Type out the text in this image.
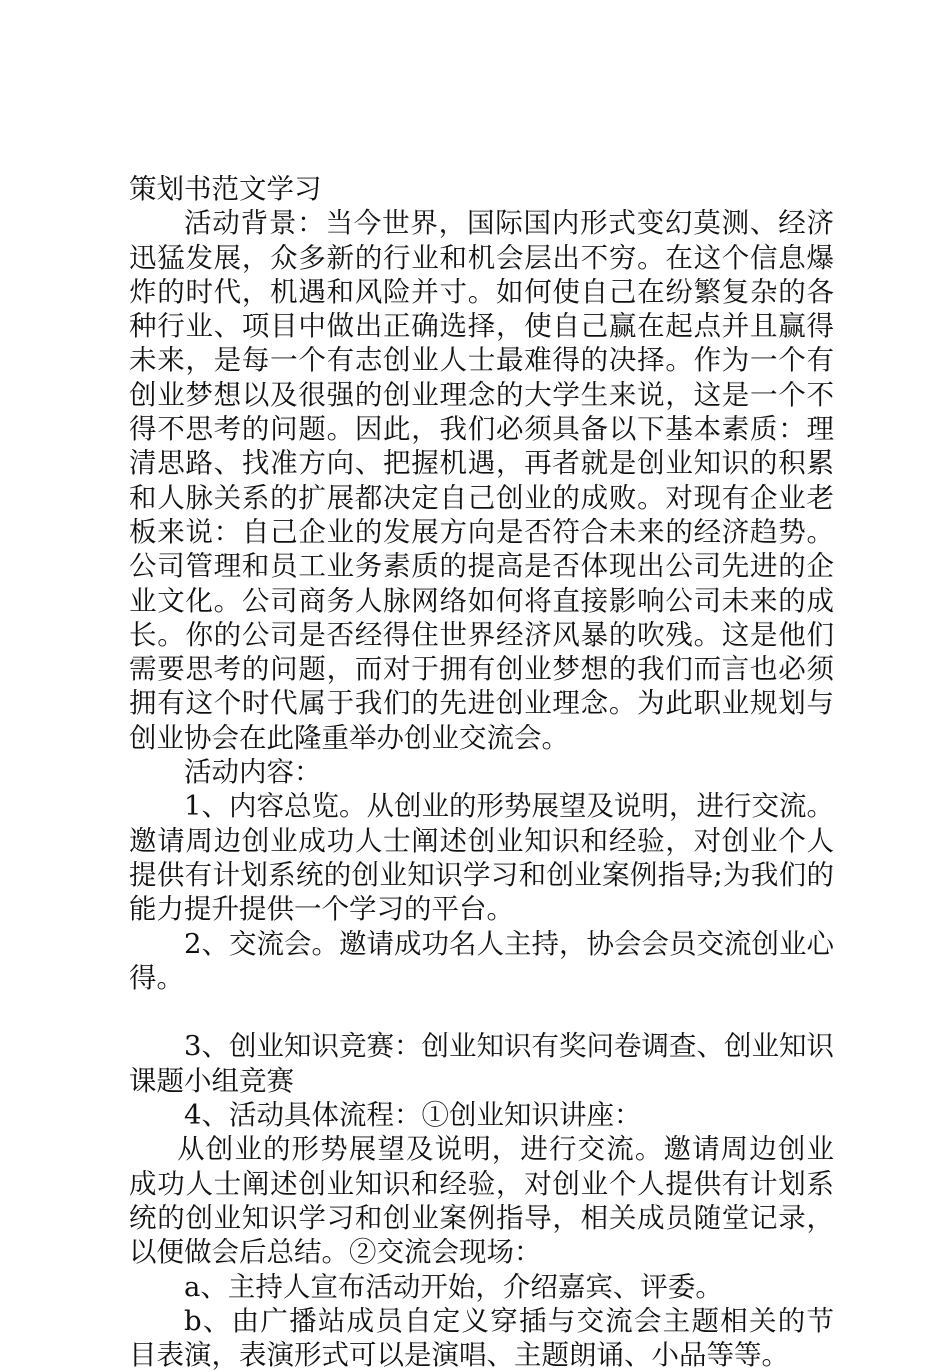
策划书范文学习

活动背景：当今世界，国际国内形式变幻莫测、经济迅猛发展，众多新的行业和机会层出不穷。在这个信息爆炸的时代，机遇和风险并寸。如何使自己在纷繁复杂的各种行业、项目中做出正确选择，使自己赢在起点并且赢得未来，是每一个有志创业人士最难得的决择。作为一个有创业梦想以及很强的创业理念的大学生来说，这是一个不得不思考的问题。因此，我们必须具备以下基本素质：理清思路、找准方向、把握机遇，再者就是创业知识的积累和人脉关系的扩展都决定自己创业的成败。对现有企业老板来说：自己企业的发展方向是否符合未来的经济趋势。公司管理和员工业务素质的提高是否体现出公司先进的企业文化。公司商务人脉网络如何将直接影响公司未来的成长。你的公司是否经得住世界经济风暴的吹残。这是他们需要思考的问题，而对于拥有创业梦想的我们而言也必须拥有这个时代属于我们的先进创业理念。为此职业规划与创业协会在此隆重举办创业交流会。

活动内容：

1、内容总览。从创业的形势展望及说明，进行交流。邀请周边创业成功人士阐述创业知识和经验，对创业个人提供有计划系统的创业知识学习和创业案例指导;为我们的能力提升提供一个学习的平台。

2、交流会。邀请成功名人主持，协会会员交流创业心得。

3、创业知识竞赛：创业知识有奖问卷调查、创业知识课题小组竞赛

4、活动具体流程：①创业知识讲座：

从创业的形势展望及说明，进行交流。邀请周边创业成功人士阐述创业知识和经验，对创业个人提供有计划系统的创业知识学习和创业案例指导，相关成员随堂记录，以便做会后总结。②交流会现场：

a、主持人宣布活动开始，介绍嘉宾、评委。

b、由广播站成员自定义穿插与交流会主题相关的节目表演，表演形式可以是演唱、主题朗诵、小品等等。
